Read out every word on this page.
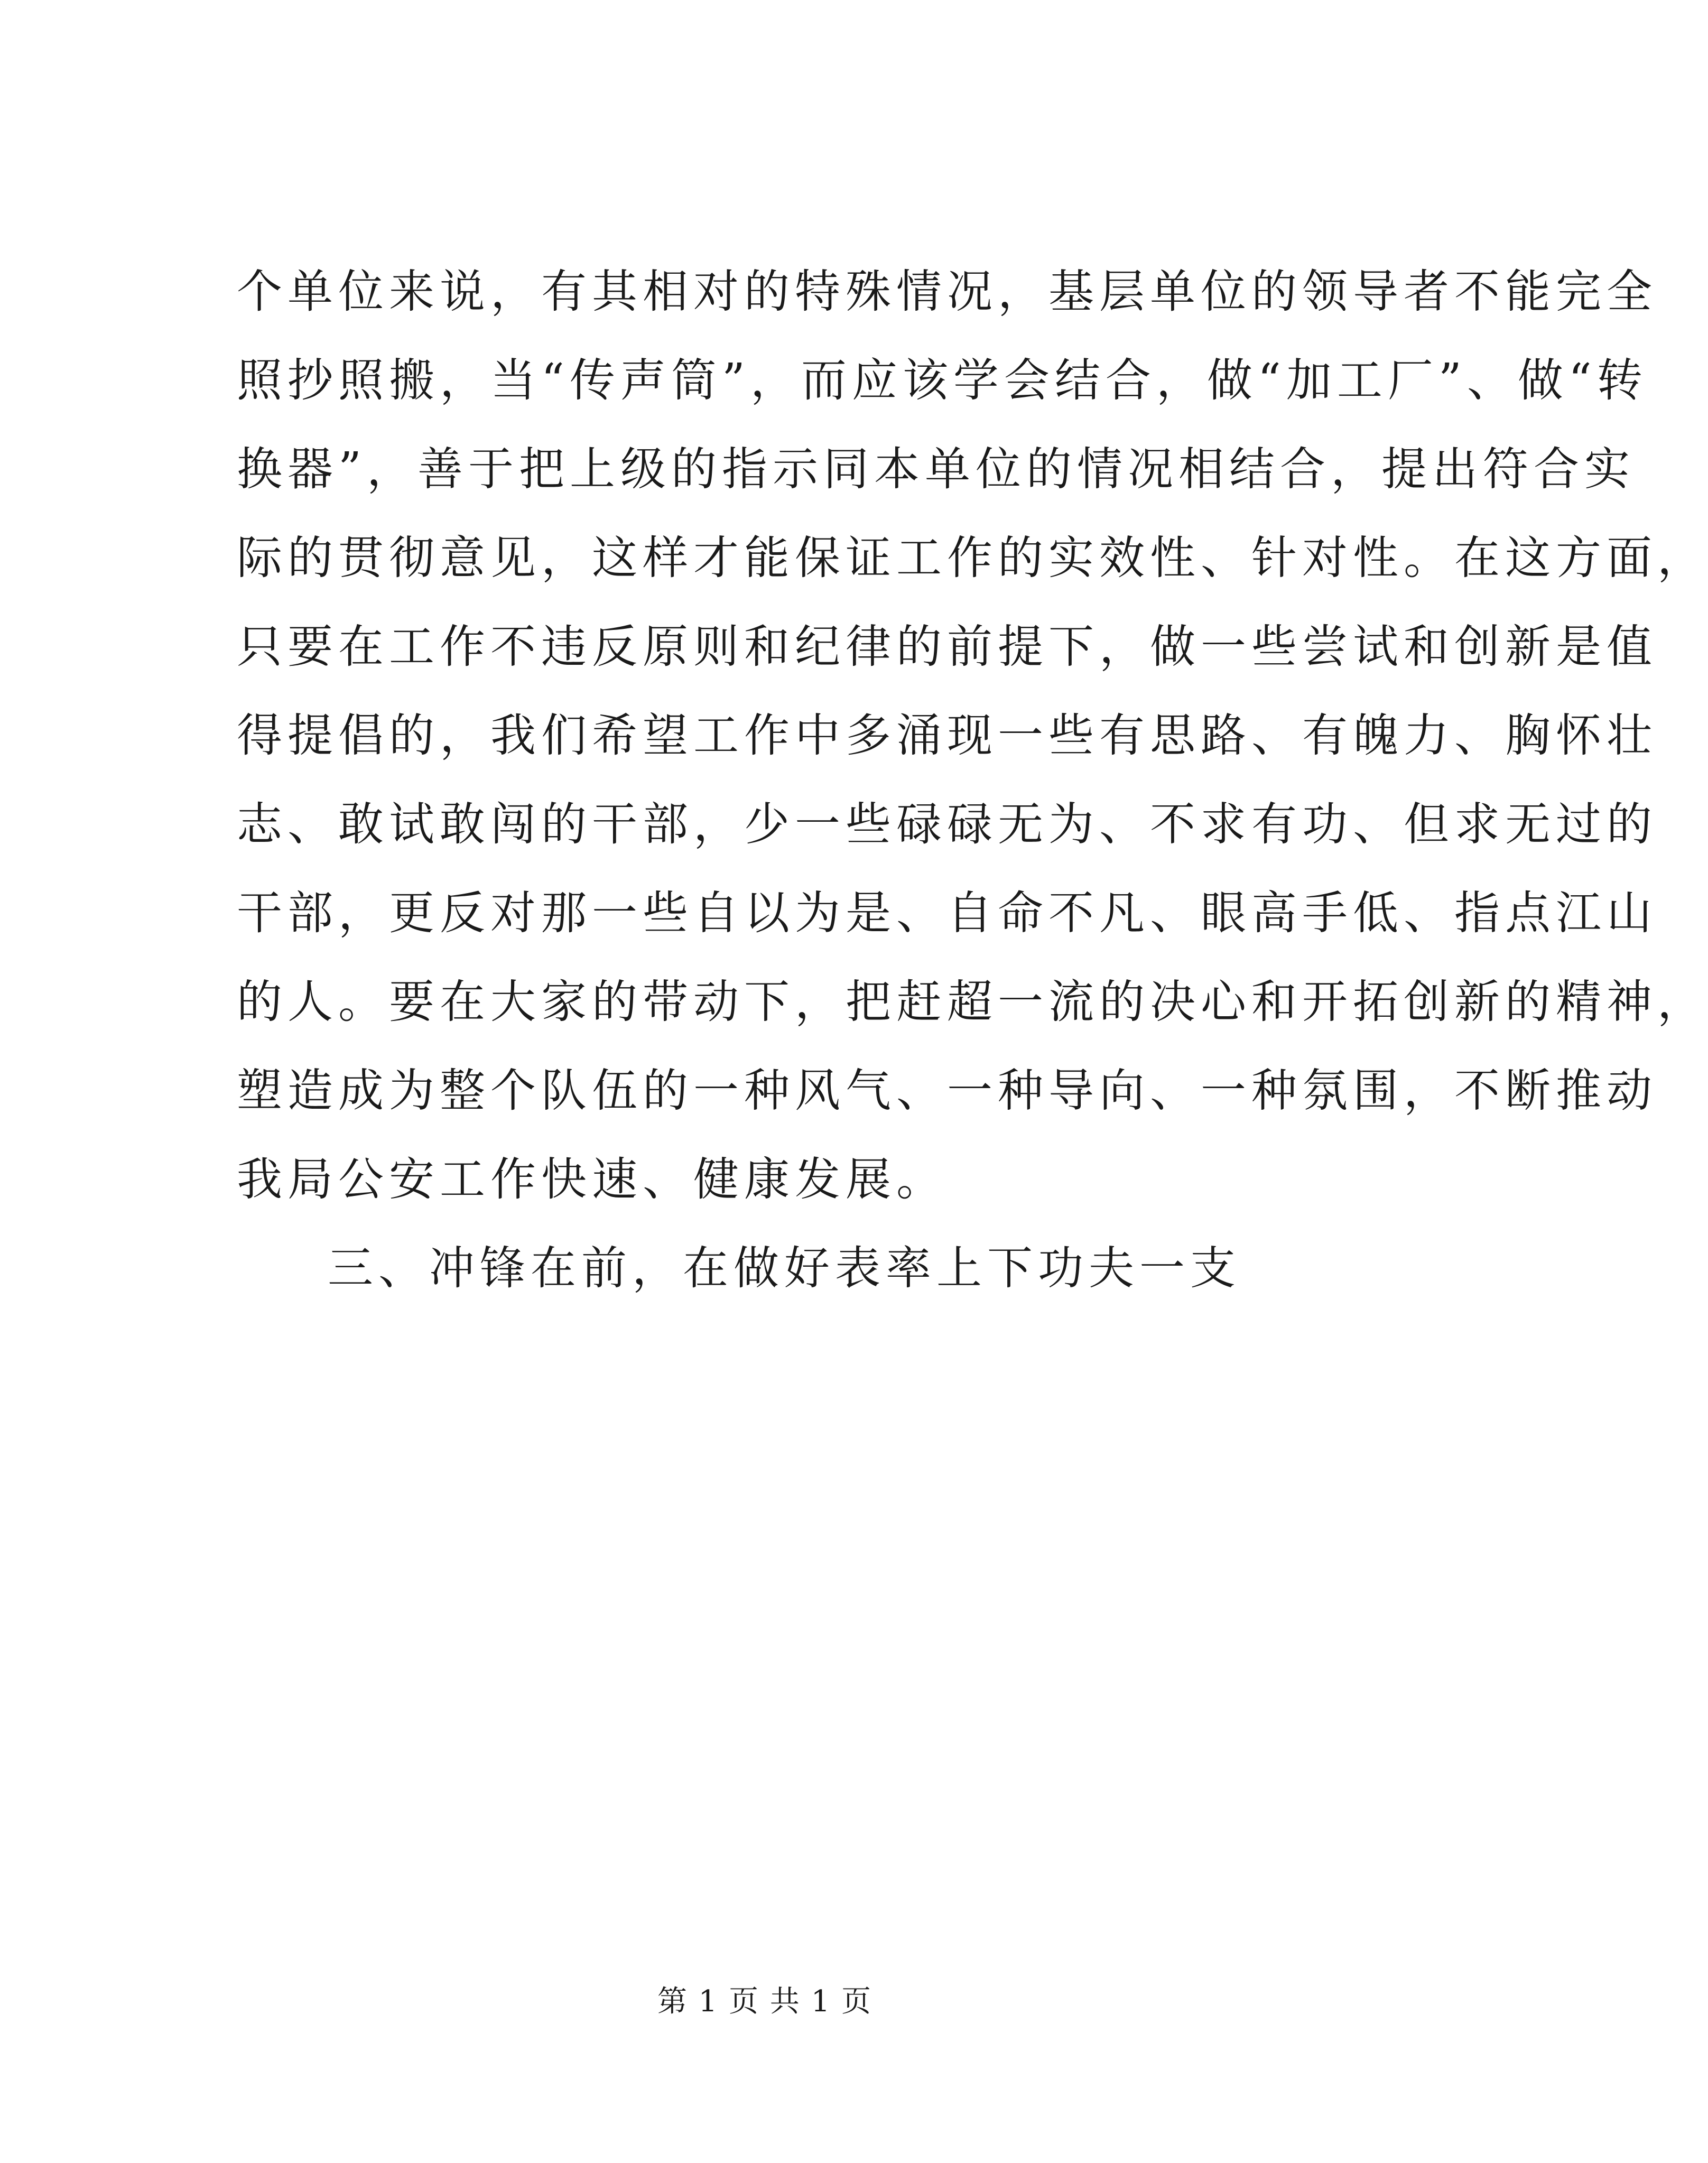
个单位来说，有其相对的特殊情况，基层单位的领导者不能完全
照抄照搬，当“传声筒”，而应该学会结合，做“加工厂”、做“转
换器”，善于把上级的指示同本单位的情况相结合，提出符合实
际的贯彻意见，这样才能保证工作的实效性、针对性。在这方面，
只要在工作不违反原则和纪律的前提下，做一些尝试和创新是值
得提倡的，我们希望工作中多涌现一些有思路、有魄力、胸怀壮
志、敢试敢闯的干部，少一些碌碌无为、不求有功、但求无过的
干部，更反对那一些自以为是、自命不凡、眼高手低、指点江山
的人。要在大家的带动下，把赶超一流的决心和开拓创新的精神，
塑造成为整个队伍的一种风气、一种导向、一种氛围，不断推动
我局公安工作快速、健康发展。
三、冲锋在前，在做好表率上下功夫一支
第 1 页 共 1 页
